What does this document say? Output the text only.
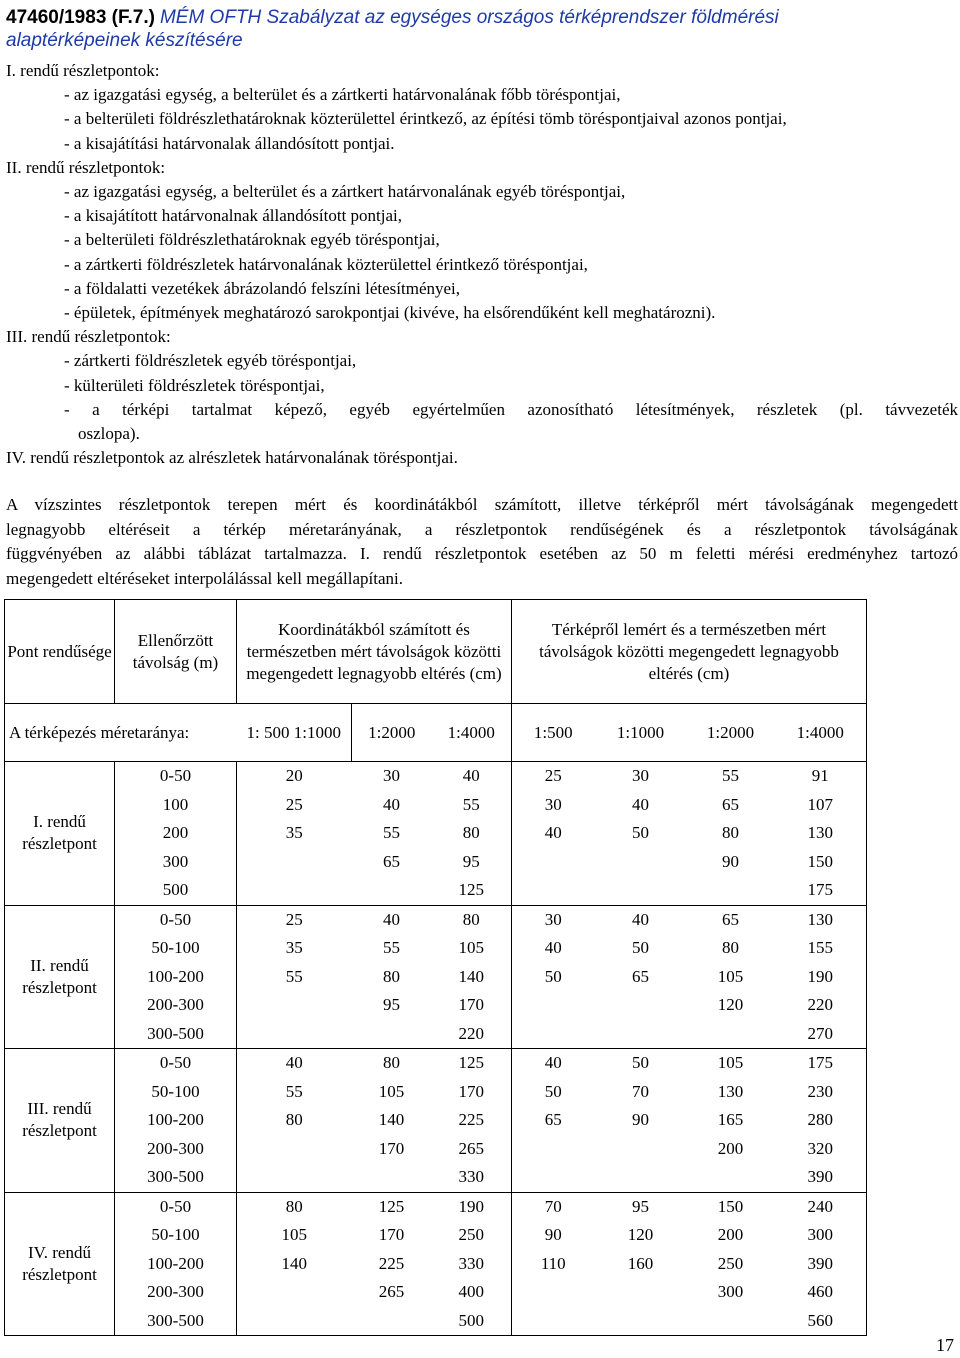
47460/1983 (F.7.) MÉM OFTH Szabályzat az egységes országos térképrendszer földmérési
alaptérképeinek készítésére
I. rendű részletpontok:
- az igazgatási egység, a belterület és a zártkerti határvonalának főbb töréspontjai,
- a belterületi földrészlethatároknak közterülettel érintkező, az építési tömb töréspontjaival azonos pontjai,
- a kisajátítási határvonalak állandósított pontjai.
II. rendű részletpontok:
- az igazgatási egység, a belterület és a zártkert határvonalának egyéb töréspontjai,
- a kisajátított határvonalnak állandósított pontjai,
- a belterületi földrészlethatároknak egyéb töréspontjai,
- a zártkerti földrészletek határvonalának közterülettel érintkező töréspontjai,
- a földalatti vezetékek ábrázolandó felszíni létesítményei,
- épületek, építmények meghatározó sarokpontjai (kivéve, ha elsőrendűként kell meghatározni).
III. rendű részletpontok:
- zártkerti földrészletek egyéb töréspontjai,
- külterületi földrészletek töréspontjai,
- a térképi tartalmat képező, egyéb egyértelműen azonosítható létesítmények, részletek (pl. távvezeték
oszlopa).
IV. rendű részletpontok az alrészletek határvonalának töréspontjai.
A vízszintes részletpontok terepen mért és koordinátákból számított, illetve térképről mért távolságának megengedett
legnagyobb eltéréseit a térkép méretarányának, a részletpontok rendűségének és a részletpontok távolságának
függvényében az alábbi táblázat tartalmazza. I. rendű részletpontok esetében az 50 m feletti mérési eredményhez tartozó
megengedett eltéréseket interpolálással kell megállapítani.
Pont rendűsége	Ellenőrzött távolság (m)	Koordinátákból számított és természetben mért távolságok közötti megengedett legnagyobb eltérés (cm)			Térképről lemért és a természetben mért távolságok közötti megengedett legnagyobb eltérés (cm)			
A térképezés méretaránya:		1: 500 1:1000	1:2000	1:4000	1:500	1:1000	1:2000	1:4000
I. rendű részletpont	0-50	20	30	40	25	30	55	91
	100	25	40	55	30	40	65	107
	200	35	55	80	40	50	80	130
	300		65	95			90	150
	500			125				175
II. rendű részletpont	0-50	25	40	80	30	40	65	130
	50-100	35	55	105	40	50	80	155
	100-200	55	80	140	50	65	105	190
	200-300		95	170			120	220
	300-500			220				270
III. rendű részletpont	0-50	40	80	125	40	50	105	175
	50-100	55	105	170	50	70	130	230
	100-200	80	140	225	65	90	165	280
	200-300		170	265			200	320
	300-500			330				390
IV. rendű részletpont	0-50	80	125	190	70	95	150	240
	50-100	105	170	250	90	120	200	300
	100-200	140	225	330	110	160	250	390
	200-300		265	400			300	460
	300-500			500				560
17
